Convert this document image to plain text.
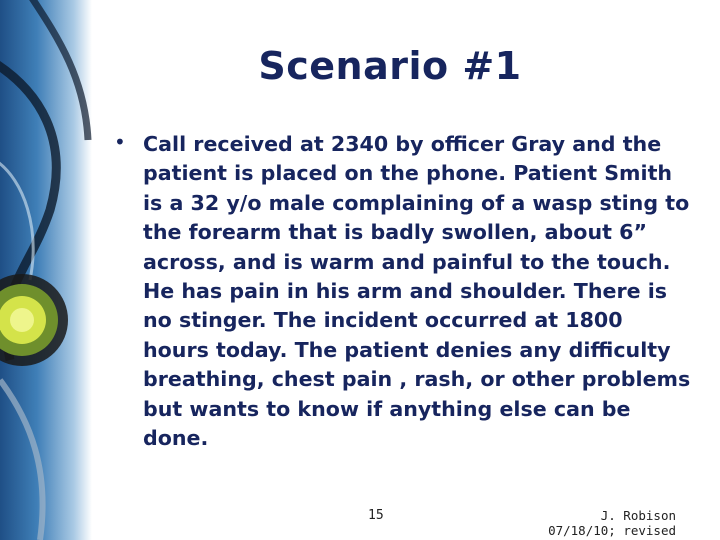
Scenario #1
• Call received at 2340 by officer Gray and the patient is placed on the phone. Patient Smith is a 32 y/o male complaining of a wasp sting to the forearm that is badly swollen, about 6” across, and is warm and painful to the touch. He has pain in his arm and shoulder. There is no stinger. The incident occurred at 1800 hours today. The patient denies any difficulty breathing, chest pain , rash, or other problems but wants to know if anything else can be done.
15	J. Robison
07/18/10; revised
